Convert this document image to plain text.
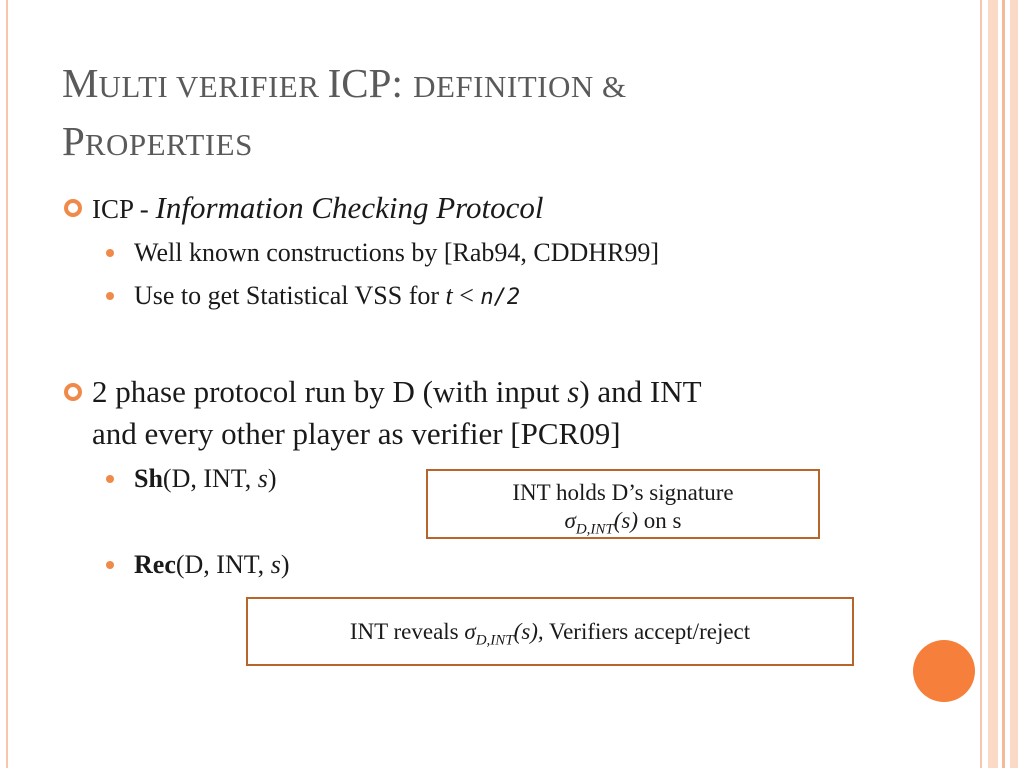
MULTI VERIFIER ICP: DEFINITION &
PROPERTIES
ICP - Information Checking Protocol
Well known constructions by [Rab94, CDDHR99]
Use to get Statistical VSS for t < n/2
2 phase protocol run by D (with input s) and INT
and every other player as verifier [PCR09]
Sh(D, INT, s)
Rec(D, INT, s)
INT holds D’s signature
$\sigma_{D,INT}(s)$ on s
INT reveals $\sigma_{D,INT}(s)$, Verifiers accept/reject
